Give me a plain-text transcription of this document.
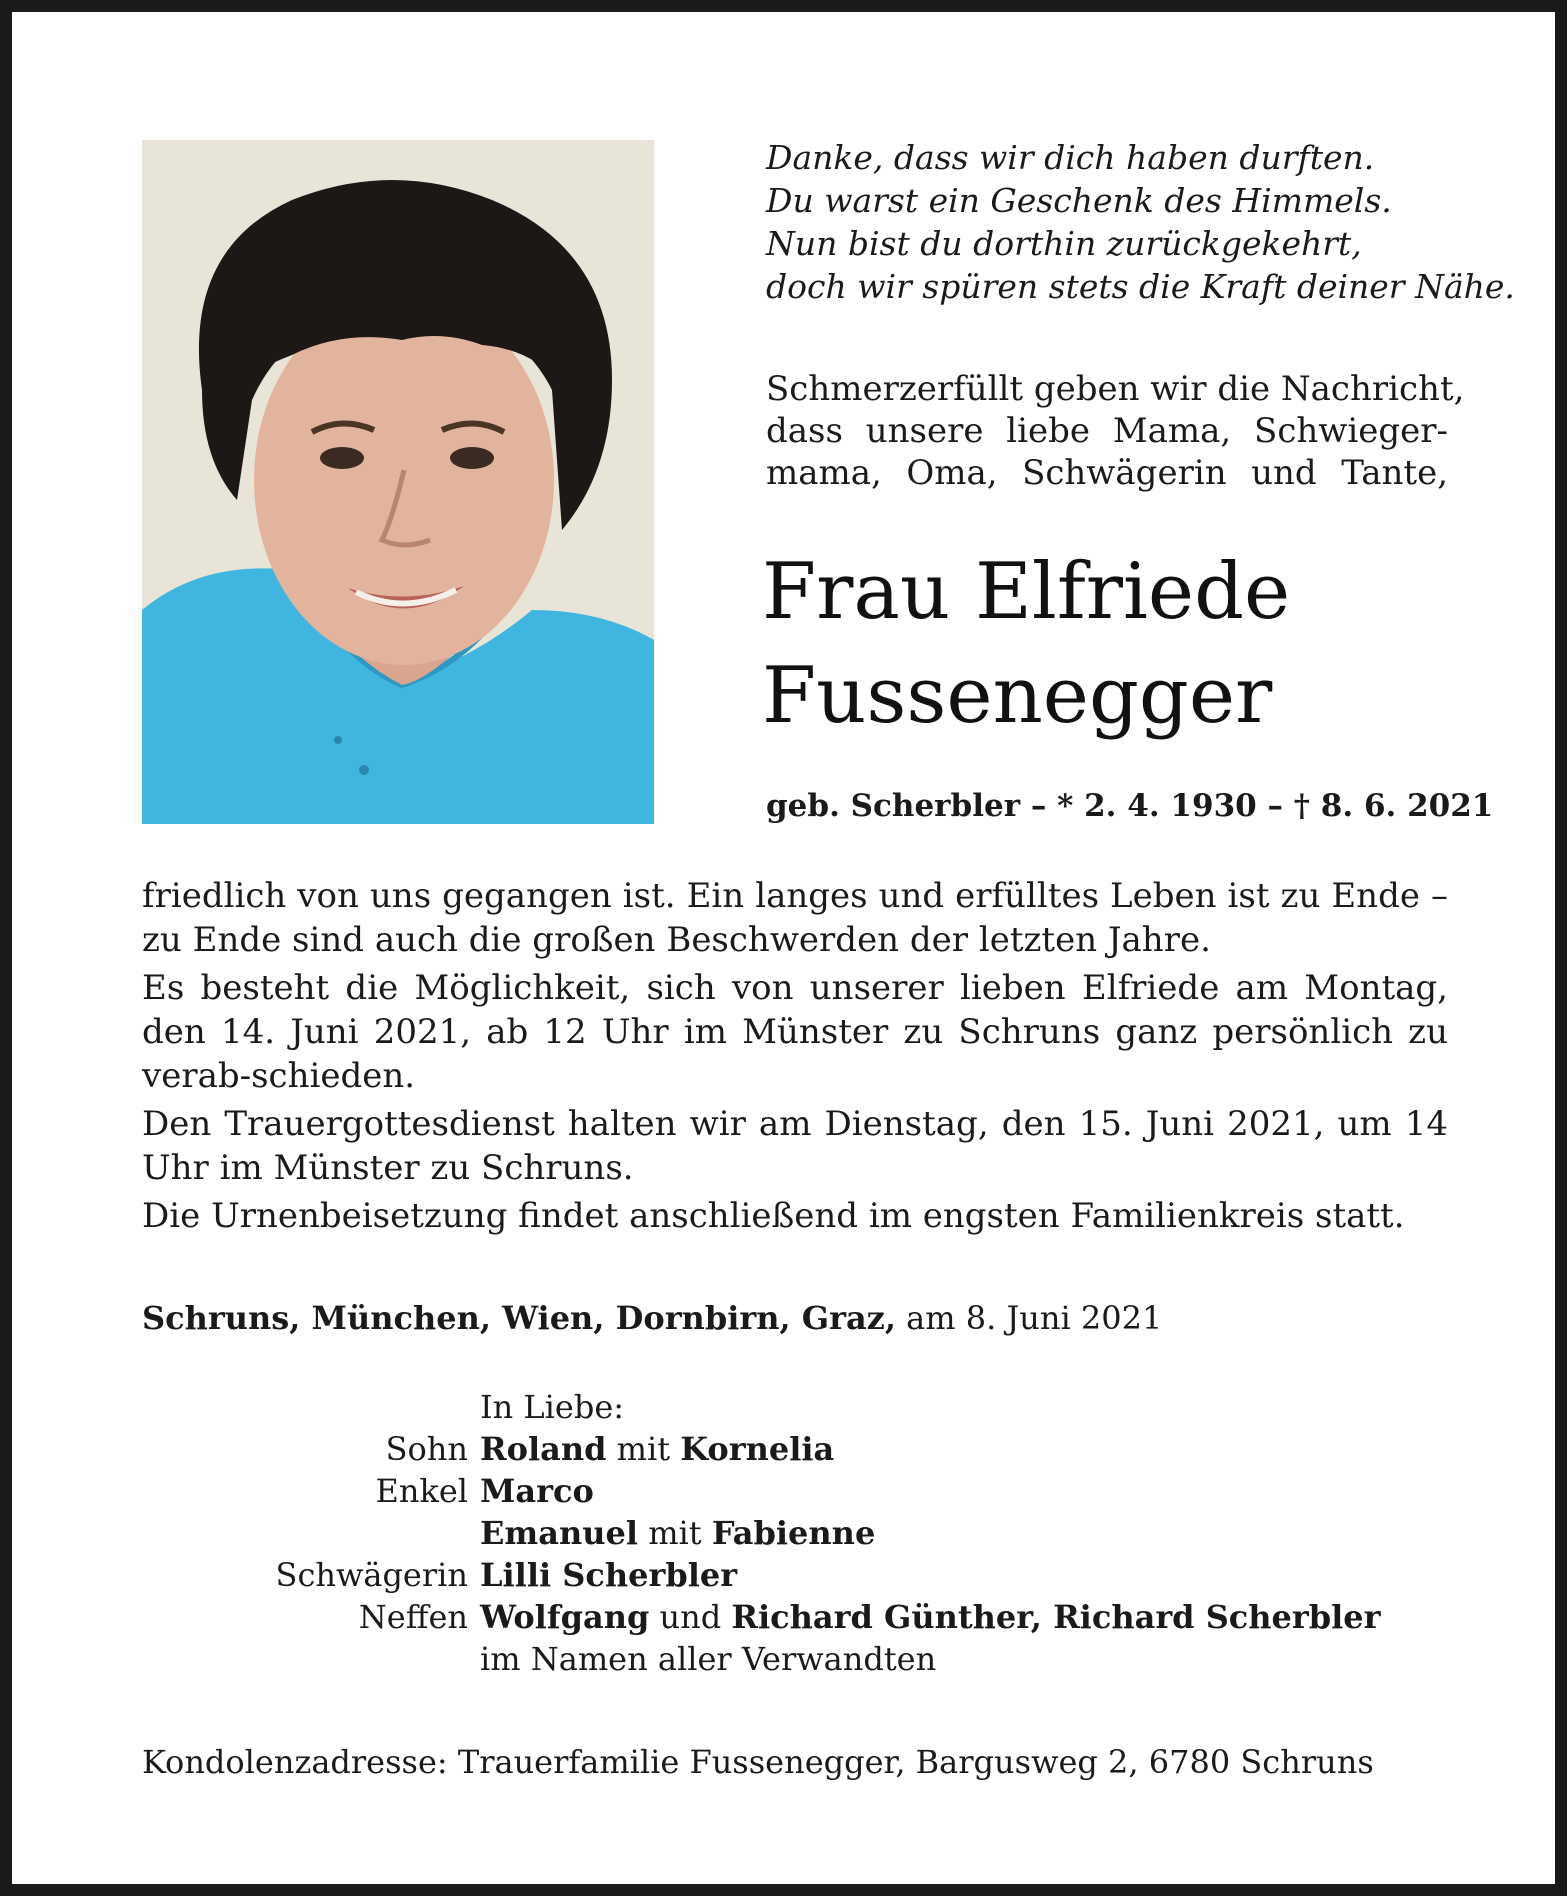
Danke, dass wir dich haben durften.
Du warst ein Geschenk des Himmels.
Nun bist du dorthin zurückgekehrt,
doch wir spüren stets die Kraft deiner Nähe.
Schmerzerfüllt geben wir die Nachricht,
dass unsere liebe Mama, Schwieger-
mama, Oma, Schwägerin und Tante,
Frau Elfriede
Fussenegger
geb. Scherbler – * 2. 4. 1930 – † 8. 6. 2021

friedlich von uns gegangen ist. Ein langes und erfülltes Leben ist zu Ende – zu Ende sind auch die großen Beschwerden der letzten Jahre.

Es besteht die Möglichkeit, sich von unserer lieben Elfriede am Montag, den 14. Juni 2021, ab 12 Uhr im Münster zu Schruns ganz persönlich zu verab-schieden.

Den Trauergottesdienst halten wir am Dienstag, den 15. Juni 2021, um 14 Uhr im Münster zu Schruns.

Die Urnenbeisetzung findet anschließend im engsten Familienkreis statt.

Schruns, München, Wien, Dornbirn, Graz, am 8. Juni 2021
In Liebe:
Sohn Roland mit Kornelia
Enkel Marco
Emanuel mit Fabienne
Schwägerin Lilli Scherbler
Neffen Wolfgang und Richard Günther, Richard Scherbler
im Namen aller Verwandten
Kondolenzadresse: Trauerfamilie Fussenegger, Bargusweg 2, 6780 Schruns
